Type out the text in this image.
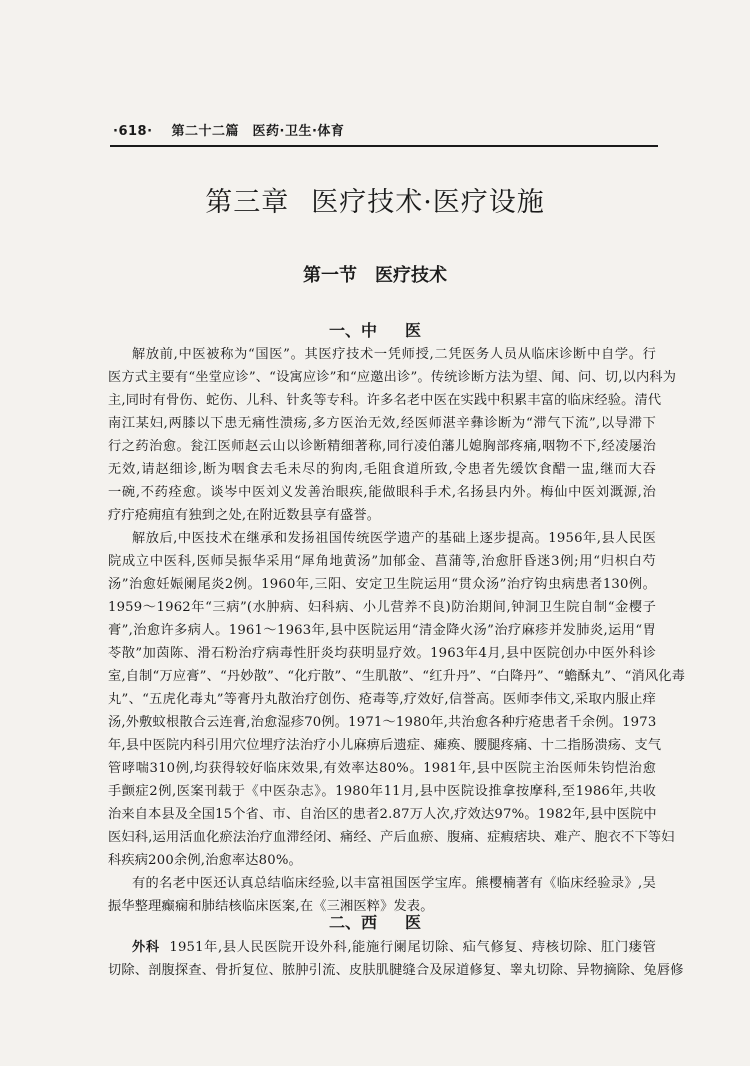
·618· 第二十二篇　医药·卫生·体育
第三章 医疗技术·医疗设施
第一节 医疗技术
一、中 医
解放前,中医被称为“国医”。其医疗技术一凭师授,二凭医务人员从临床诊断中自学。行
医方式主要有“坐堂应诊”、“设寓应诊”和“应邀出诊”。传统诊断方法为望、闻、问、切,以内科为
主,同时有骨伤、蛇伤、儿科、针炙等专科。许多名老中医在实践中积累丰富的临床经验。清代
南江某妇,两膝以下患无痛性溃疡,多方医治无效,经医师湛辛彝诊断为“滞气下流”,以导滞下
行之药治愈。瓮江医师赵云山以诊断精细著称,同行凌伯藩儿媳胸部疼痛,咽物不下,经凌屡治
无效,请赵细诊,断为咽食去毛未尽的狗肉,毛阻食道所致,令患者先缓饮食醋一盅,继而大吞
一碗,不药痊愈。谈岑中医刘义发善治眼疾,能做眼科手术,名扬县内外。梅仙中医刘溉源,治
疗疔疮痈疽有独到之处,在附近数县享有盛誉。
解放后,中医技术在继承和发扬祖国传统医学遗产的基础上逐步提高。1956年,县人民医
院成立中医科,医师吴振华采用“犀角地黄汤”加郁金、菖蒲等,治愈肝昏迷3例;用“归枳白芍
汤”治愈妊娠阑尾炎2例。1960年,三阳、安定卫生院运用“贯众汤”治疗钩虫病患者130例。
1959～1962年“三病”(水肿病、妇科病、小儿营养不良)防治期间,钟洞卫生院自制“金樱子
膏”,治愈许多病人。1961～1963年,县中医院运用“清金降火汤”治疗麻疹并发肺炎,运用“胃
苓散”加茵陈、滑石粉治疗病毒性肝炎均获明显疗效。1963年4月,县中医院创办中医外科诊
室,自制“万应膏”、“丹妙散”、“化疔散”、“生肌散”、“红升丹”、“白降丹”、“蟾酥丸”、“消风化毒
丸”、“五虎化毒丸”等膏丹丸散治疗创伤、疮毒等,疗效好,信誉高。医师李伟文,采取内服止痒
汤,外敷蚊根散合云连膏,治愈湿疹70例。1971～1980年,共治愈各种疔疮患者千余例。1973
年,县中医院内科引用穴位埋疗法治疗小儿麻痹后遗症、瘫痪、腰腿疼痛、十二指肠溃疡、支气
管哮喘310例,均获得较好临床效果,有效率达80%。1981年,县中医院主治医师朱钧恺治愈
手颤症2例,医案刊载于《中医杂志》。1980年11月,县中医院设推拿按摩科,至1986年,共收
治来自本县及全国15个省、市、自治区的患者2.87万人次,疗效达97%。1982年,县中医院中
医妇科,运用活血化瘀法治疗血滞经闭、痛经、产后血瘀、腹痛、症瘕痞块、难产、胞衣不下等妇
科疾病200余例,治愈率达80%。
有的名老中医还认真总结临床经验,以丰富祖国医学宝库。熊樱楠著有《临床经验录》,吴
振华整理癫痫和肺结核临床医案,在《三湘医粹》发表。
二、西 医
外科 1951年,县人民医院开设外科,能施行阑尾切除、疝气修复、痔核切除、肛门瘘管
切除、剖腹探查、骨折复位、脓肿引流、皮肤肌腱缝合及尿道修复、睾丸切除、异物摘除、兔唇修
